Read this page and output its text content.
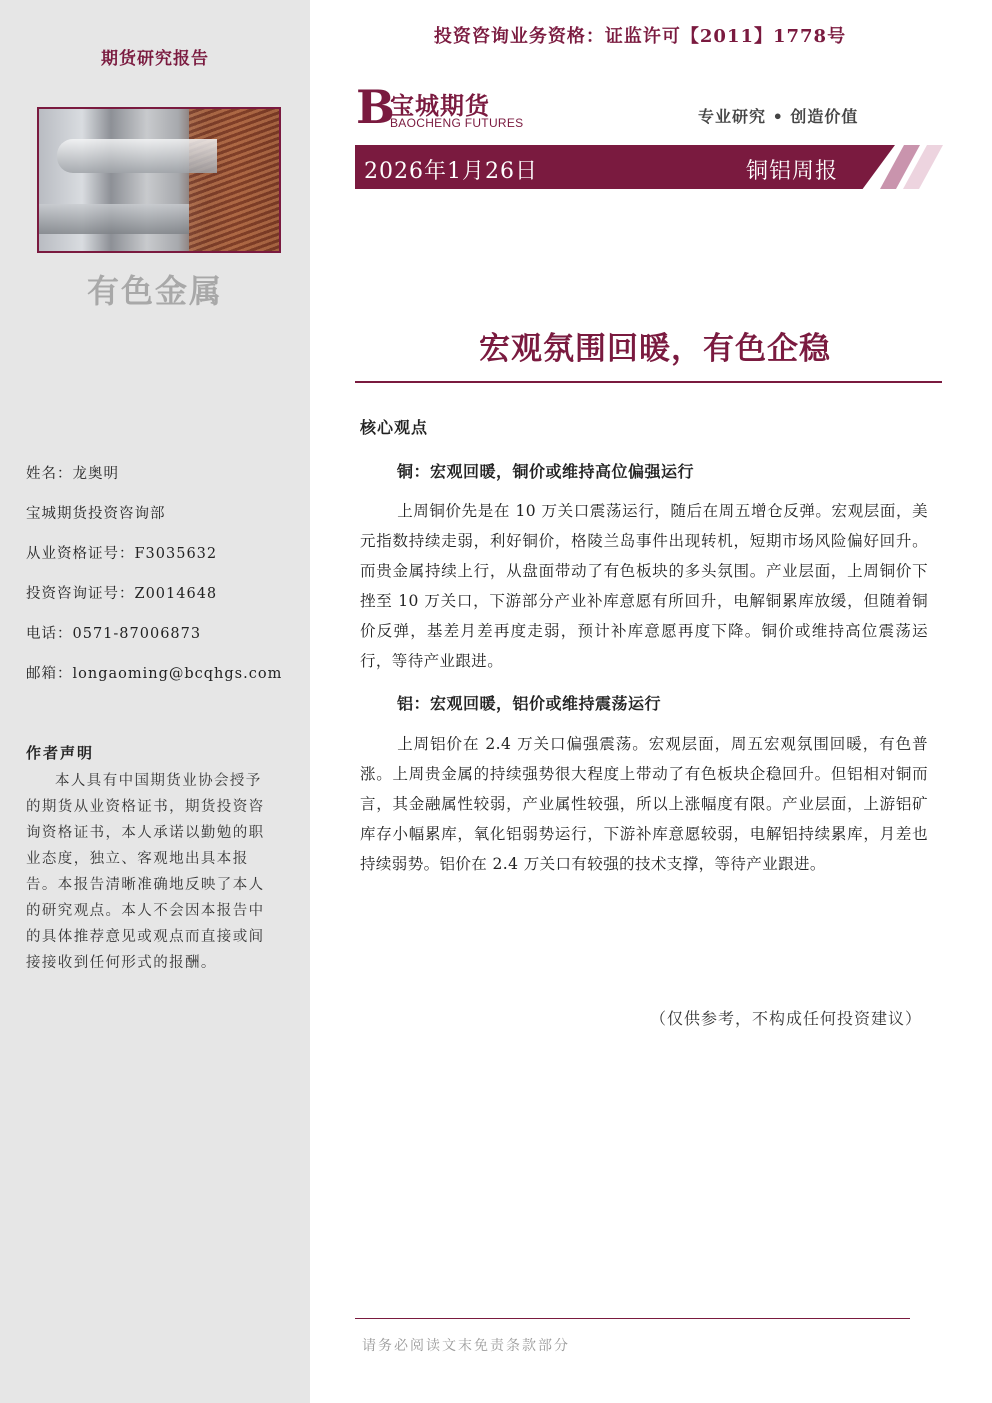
期货研究报告
有色金属
姓名：龙奥明
宝城期货投资咨询部
从业资格证号：F3035632
投资咨询证号：Z0014648
电话：0571-87006873
邮箱：longaoming@bcqhgs.com
作者声明
本人具有中国期货业协会授予的期货从业资格证书，期货投资咨询资格证书，本人承诺以勤勉的职业态度，独立、客观地出具本报告。本报告清晰准确地反映了本人的研究观点。本人不会因本报告中的具体推荐意见或观点而直接或间接接收到任何形式的报酬。
投资咨询业务资格：证监许可【2011】1778号
B
宝城期货
BAOCHENG FUTURES	专业研究 • 创造价值
2026年1月26日	铜铝周报
宏观氛围回暖，有色企稳
核心观点
铜：宏观回暖，铜价或维持高位偏强运行
上周铜价先是在 10 万关口震荡运行，随后在周五增仓反弹。宏观层面，美元指数持续走弱，利好铜价，格陵兰岛事件出现转机，短期市场风险偏好回升。而贵金属持续上行，从盘面带动了有色板块的多头氛围。产业层面，上周铜价下挫至 10 万关口，下游部分产业补库意愿有所回升，电解铜累库放缓，但随着铜价反弹，基差月差再度走弱，预计补库意愿再度下降。铜价或维持高位震荡运行，等待产业跟进。
铝：宏观回暖，铝价或维持震荡运行
上周铝价在 2.4 万关口偏强震荡。宏观层面，周五宏观氛围回暖，有色普涨。上周贵金属的持续强势很大程度上带动了有色板块企稳回升。但铝相对铜而言，其金融属性较弱，产业属性较强，所以上涨幅度有限。产业层面，上游铝矿库存小幅累库，氧化铝弱势运行，下游补库意愿较弱，电解铝持续累库，月差也持续弱势。铝价在 2.4 万关口有较强的技术支撑，等待产业跟进。
（仅供参考，不构成任何投资建议）
请务必阅读文末免责条款部分
